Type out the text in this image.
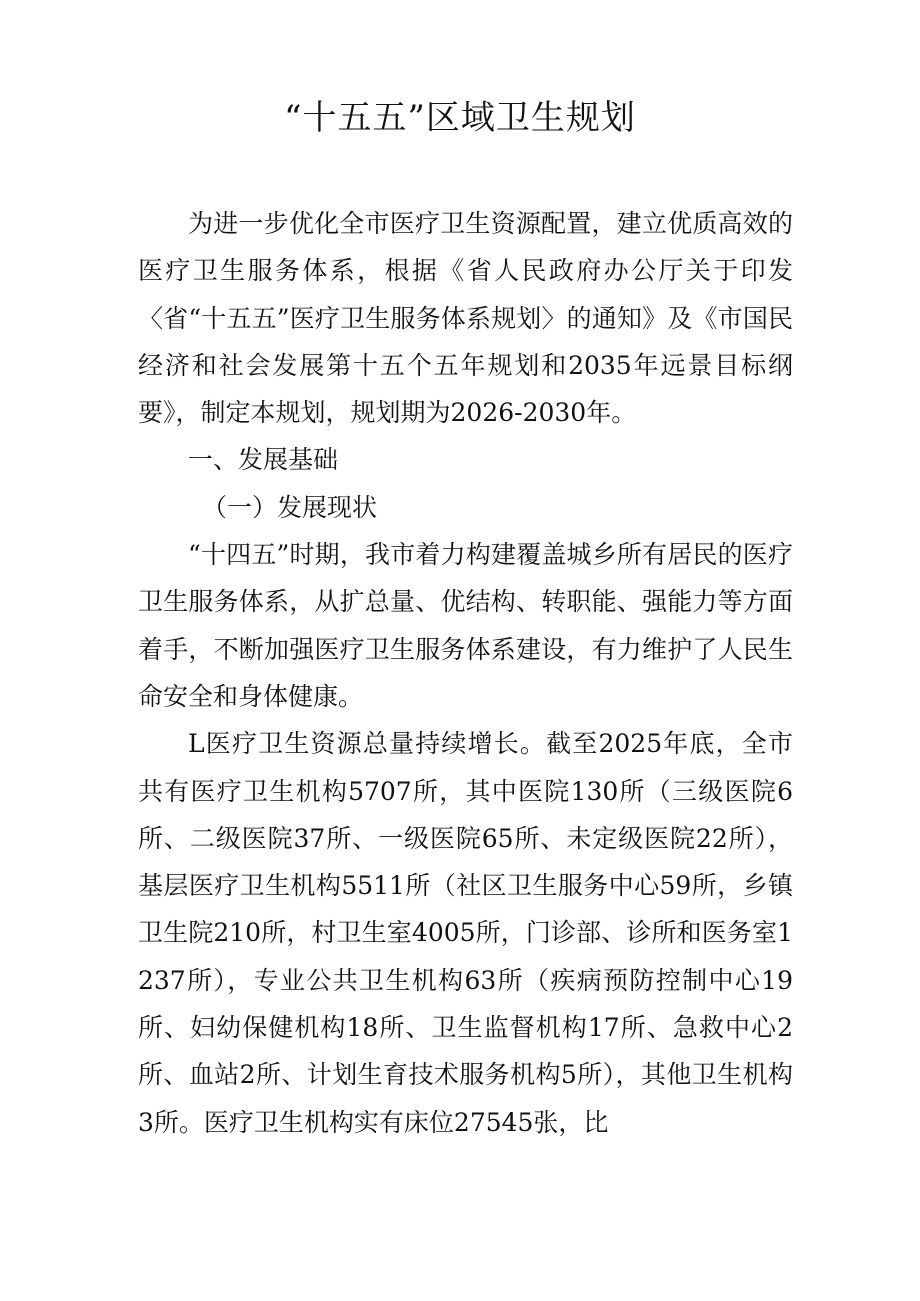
“十五五”区域卫生规划

为进一步优化全市医疗卫生资源配置，建立优质高效的医疗卫生服务体系，根据《省人民政府办公厅关于印发〈省“十五五”医疗卫生服务体系规划〉的通知》及《市国民经济和社会发展第十五个五年规划和2035年远景目标纲要》，制定本规划，规划期为2026-2030年。

一、发展基础

（一）发展现状

“十四五”时期，我市着力构建覆盖城乡所有居民的医疗卫生服务体系，从扩总量、优结构、转职能、强能力等方面着手，不断加强医疗卫生服务体系建设，有力维护了人民生命安全和身体健康。

L医疗卫生资源总量持续增长。截至2025年底，全市共有医疗卫生机构5707所，其中医院130所（三级医院6所、二级医院37所、一级医院65所、未定级医院22所），基层医疗卫生机构5511所（社区卫生服务中心59所，乡镇卫生院210所，村卫生室4005所，门诊部、诊所和医务室1237所），专业公共卫生机构63所（疾病预防控制中心19所、妇幼保健机构18所、卫生监督机构17所、急救中心2所、血站2所、计划生育技术服务机构5所），其他卫生机构3所。医疗卫生机构实有床位27545张，比
